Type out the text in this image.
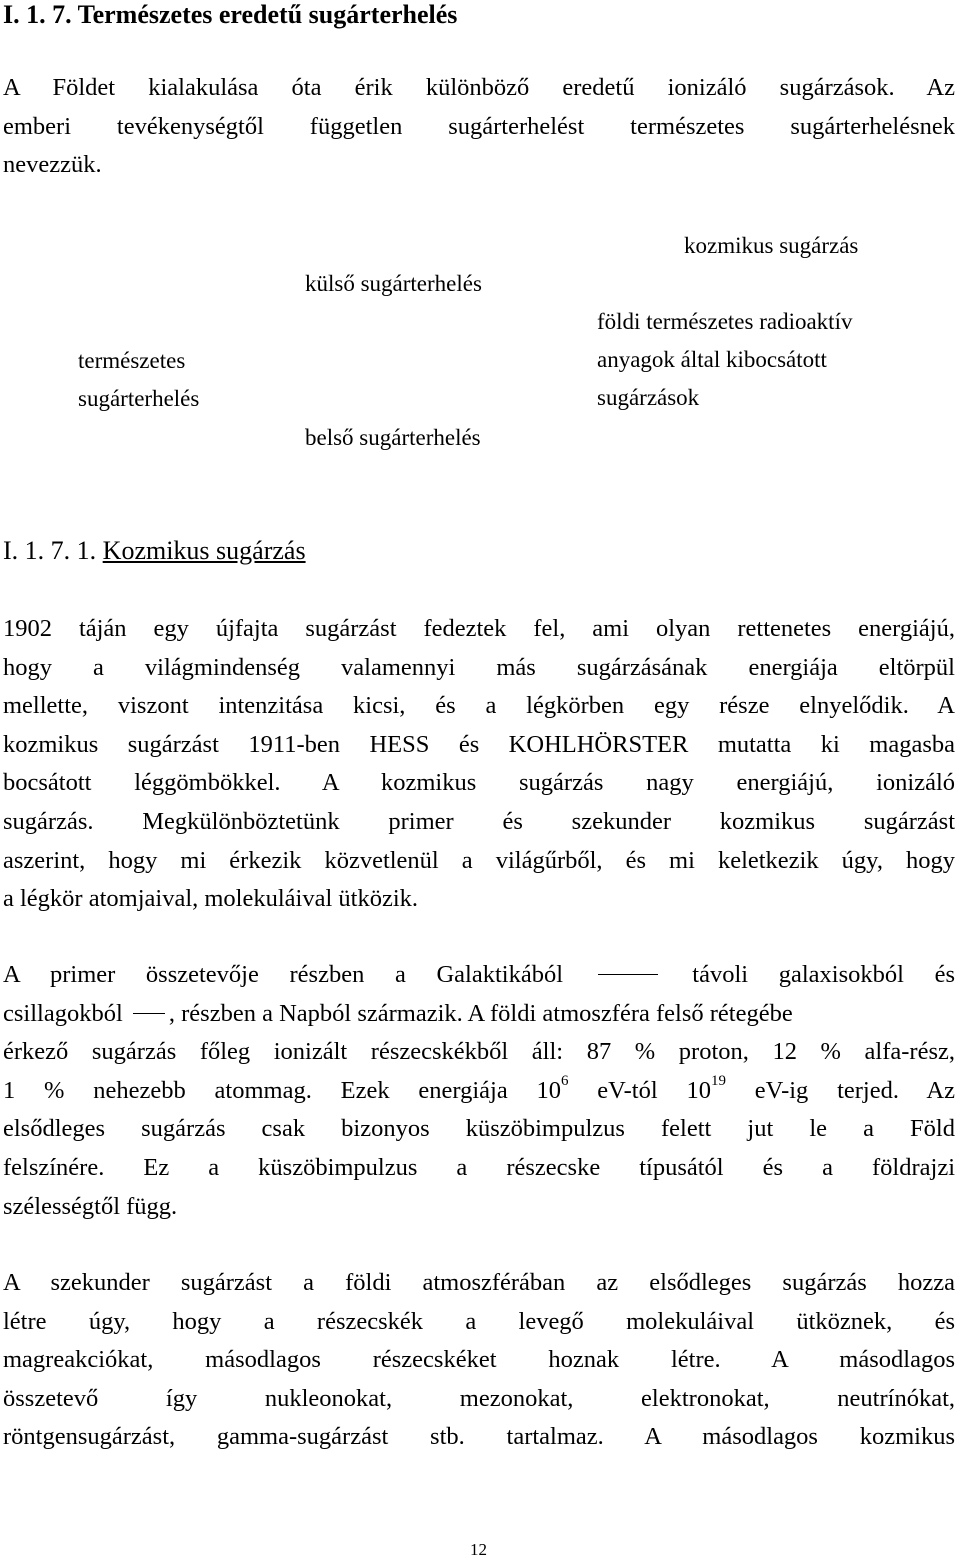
I. 1. 7. Természetes eredetű sugárterhelés
A Földet kialakulása óta érik különböző eredetű ionizáló sugárzások. Az
emberi tevékenységtől független sugárterhelést természetes sugárterhelésnek
nevezzük.
természetes
sugárterhelés
külső sugárterhelés
belső sugárterhelés
kozmikus sugárzás
földi természetes radioaktív
anyagok által kibocsátott
sugárzások
I. 1. 7. 1. Kozmikus sugárzás
1902 táján egy újfajta sugárzást fedeztek fel, ami olyan rettenetes energiájú,
hogy a világmindenség valamennyi más sugárzásának energiája eltörpül
mellette, viszont intenzitása kicsi, és a légkörben egy része elnyelődik. A
kozmikus sugárzást 1911-ben HESS és KOHLHÖRSTER mutatta ki magasba
bocsátott léggömbökkel. A kozmikus sugárzás nagy energiájú, ionizáló
sugárzás. Megkülönböztetünk primer és szekunder kozmikus sugárzást
aszerint, hogy mi érkezik közvetlenül a világűrből, és mi keletkezik úgy, hogy
a légkör atomjaival, molekuláival ütközik.
A primer összetevője részben a Galaktikából	távoli galaxisokból és
csillagokból , részben a Napból származik. A földi atmoszféra felső rétegébe
érkező sugárzás főleg ionizált részecskékből áll: 87 % proton, 12 % alfa-rész,
1 % nehezebb atommag. Ezek energiája $10^6$ eV-tól $10^{19}$ eV-ig terjed. Az
elsődleges sugárzás csak bizonyos küszöbimpulzus felett jut le a Föld
felszínére. Ez a küszöbimpulzus a részecske típusától és a földrajzi
szélességtől függ.
A szekunder sugárzást a földi atmoszférában az elsődleges sugárzás hozza
létre úgy, hogy a részecskék a levegő molekuláival ütköznek, és
magreakciókat, másodlagos részecskéket hoznak létre. A másodlagos
összetevő így nukleonokat, mezonokat, elektronokat, neutrínókat,
röntgensugárzást, gamma-sugárzást stb. tartalmaz. A másodlagos kozmikus
12
